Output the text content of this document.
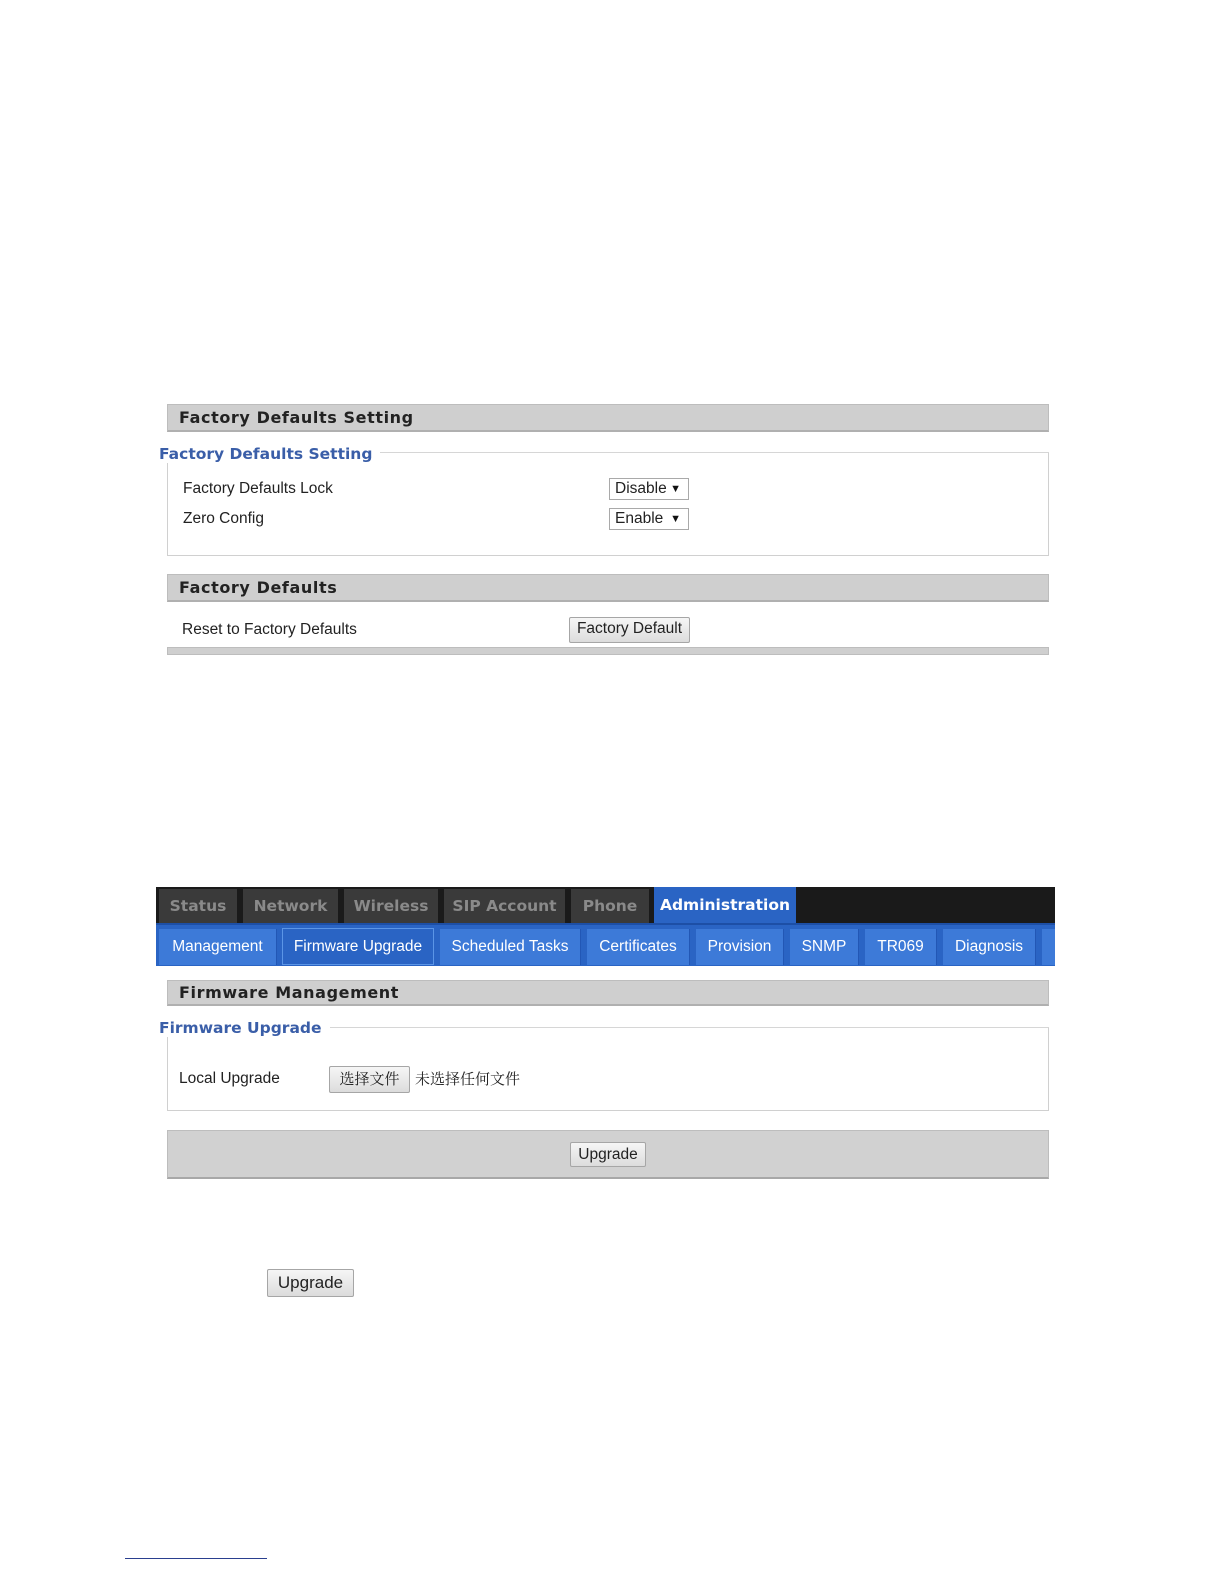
Factory Defaults Setting
Factory Defaults Setting
Factory Defaults Lock	Disable ▼
Zero Config	Enable ▼
Factory Defaults
Reset to Factory Defaults	Factory Default
Status	Network	Wireless	SIP Account	Phone	Administration
Management	Firmware Upgrade	Scheduled Tasks	Certificates	Provision	SNMP	TR069	Diagnosis
Firmware Management
Firmware Upgrade
Local Upgrade	选择文件	未选择任何文件
Upgrade
Upgrade
